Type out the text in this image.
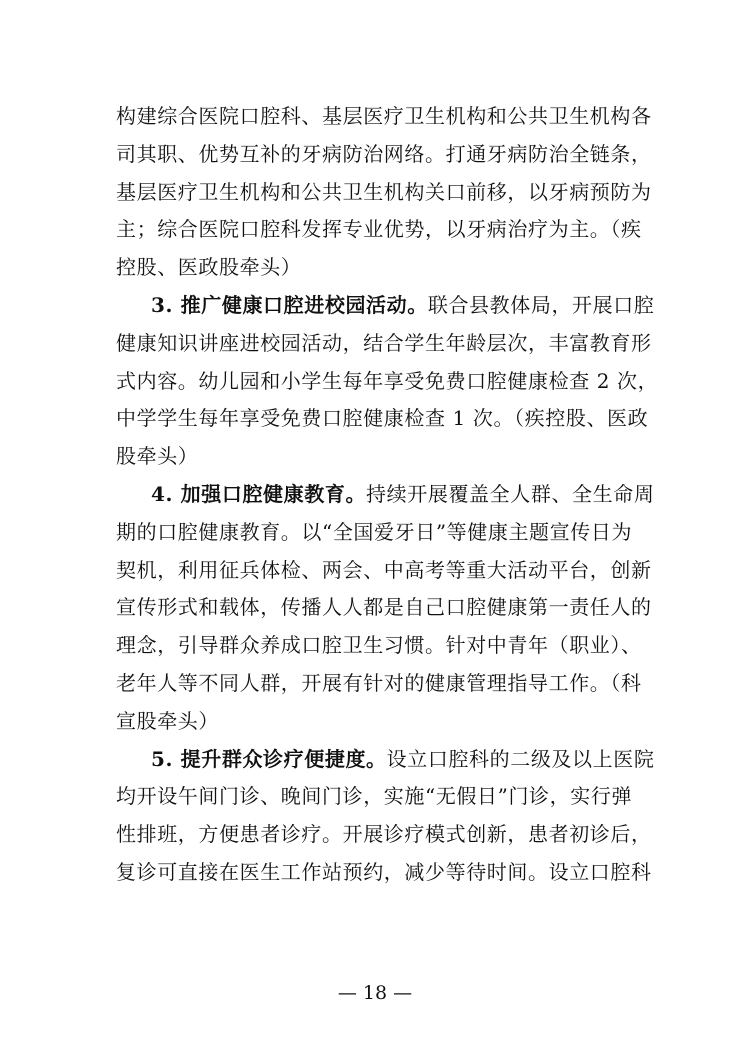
构建综合医院口腔科、基层医疗卫生机构和公共卫生机构各
司其职、优势互补的牙病防治网络。打通牙病防治全链条，
基层医疗卫生机构和公共卫生机构关口前移，以牙病预防为
主；综合医院口腔科发挥专业优势，以牙病治疗为主。（疾
控股、医政股牵头）
3. 推广健康口腔进校园活动。联合县教体局，开展口腔
健康知识讲座进校园活动，结合学生年龄层次，丰富教育形
式内容。幼儿园和小学生每年享受免费口腔健康检查 2 次，
中学学生每年享受免费口腔健康检查 1 次。（疾控股、医政
股牵头）
4. 加强口腔健康教育。持续开展覆盖全人群、全生命周
期的口腔健康教育。以“全国爱牙日”等健康主题宣传日为
契机，利用征兵体检、两会、中高考等重大活动平台，创新
宣传形式和载体，传播人人都是自己口腔健康第一责任人的
理念，引导群众养成口腔卫生习惯。针对中青年（职业）、
老年人等不同人群，开展有针对的健康管理指导工作。（科
宣股牵头）
5. 提升群众诊疗便捷度。设立口腔科的二级及以上医院
均开设午间门诊、晚间门诊，实施“无假日”门诊，实行弹
性排班，方便患者诊疗。开展诊疗模式创新，患者初诊后，
复诊可直接在医生工作站预约，减少等待时间。设立口腔科
— 18 —
